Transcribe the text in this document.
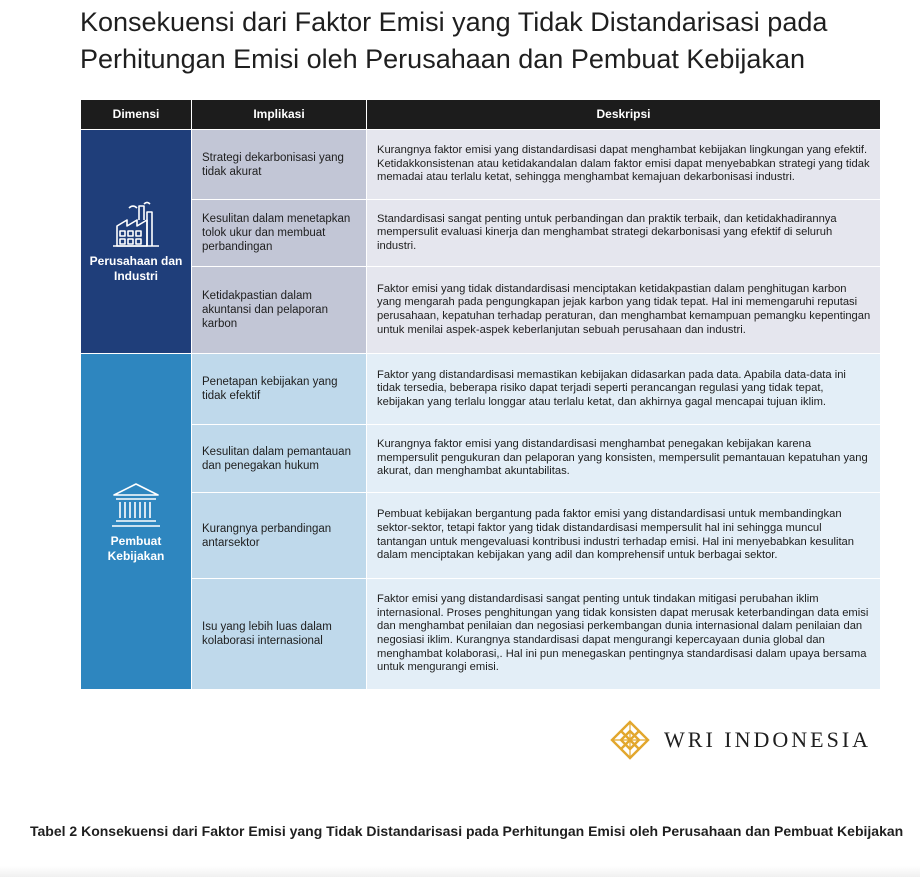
Konsekuensi dari Faktor Emisi yang Tidak Distandarisasi pada Perhitungan Emisi oleh Perusahaan dan Pembuat Kebijakan
Dimensi	Implikasi	Deskripsi
Perusahaan dan Industri
Strategi dekarbonisasi yang tidak akurat
Kurangnya faktor emisi yang distandardisasi dapat menghambat kebijakan lingkungan yang efektif. Ketidakkonsistenan atau ketidakandalan dalam faktor emisi dapat menyebabkan strategi yang tidak memadai atau terlalu ketat, sehingga menghambat kemajuan dekarbonisasi industri.
Kesulitan dalam menetapkan tolok ukur dan membuat perbandingan
Standardisasi sangat penting untuk perbandingan dan praktik terbaik, dan ketidakhadirannya mempersulit evaluasi kinerja dan menghambat strategi dekarbonisasi yang efektif di seluruh industri.
Ketidakpastian dalam akuntansi dan pelaporan karbon
Faktor emisi yang tidak distandardisasi menciptakan ketidakpastian dalam penghitugan karbon yang mengarah pada pengungkapan jejak karbon yang tidak tepat. Hal ini memengaruhi reputasi perusahaan, kepatuhan terhadap peraturan, dan menghambat kemampuan pemangku kepentingan untuk menilai aspek-aspek keberlanjutan sebuah perusahaan dan industri.
Pembuat Kebijakan
Penetapan kebijakan yang tidak efektif
Faktor yang distandardisasi memastikan kebijakan didasarkan pada data. Apabila data-data ini tidak tersedia, beberapa risiko dapat terjadi seperti perancangan regulasi yang tidak tepat, kebijakan yang terlalu longgar atau terlalu ketat, dan akhirnya gagal mencapai tujuan iklim.
Kesulitan dalam pemantauan dan penegakan hukum
Kurangnya faktor emisi yang distandardisasi menghambat penegakan kebijakan karena mempersulit pengukuran dan pelaporan yang konsisten, mempersulit pemantauan kepatuhan yang akurat, dan menghambat akuntabilitas.
Kurangnya perbandingan antarsektor
Pembuat kebijakan bergantung pada faktor emisi yang distandardisasi untuk membandingkan sektor-sektor, tetapi faktor yang tidak distandardisasi mempersulit hal ini sehingga muncul tantangan untuk mengevaluasi kontribusi industri terhadap emisi. Hal ini menyebabkan kesulitan dalam menciptakan kebijakan yang adil dan komprehensif untuk berbagai sektor.
Isu yang lebih luas dalam kolaborasi internasional
Faktor emisi yang distandardisasi sangat penting untuk tindakan mitigasi perubahan iklim internasional. Proses penghitungan yang tidak konsisten dapat merusak keterbandingan data emisi dan menghambat penilaian dan negosiasi perkembangan dunia internasional dalam penilaian dan negosiasi iklim. Kurangnya standardisasi dapat mengurangi kepercayaan dunia global dan menghambat kolaborasi,. Hal ini pun menegaskan pentingnya standardisasi dalam upaya bersama untuk mengurangi emisi.
WRI INDONESIA

Tabel 2 Konsekuensi dari Faktor Emisi yang Tidak Distandarisasi pada Perhitungan Emisi oleh Perusahaan dan Pembuat Kebijakan
